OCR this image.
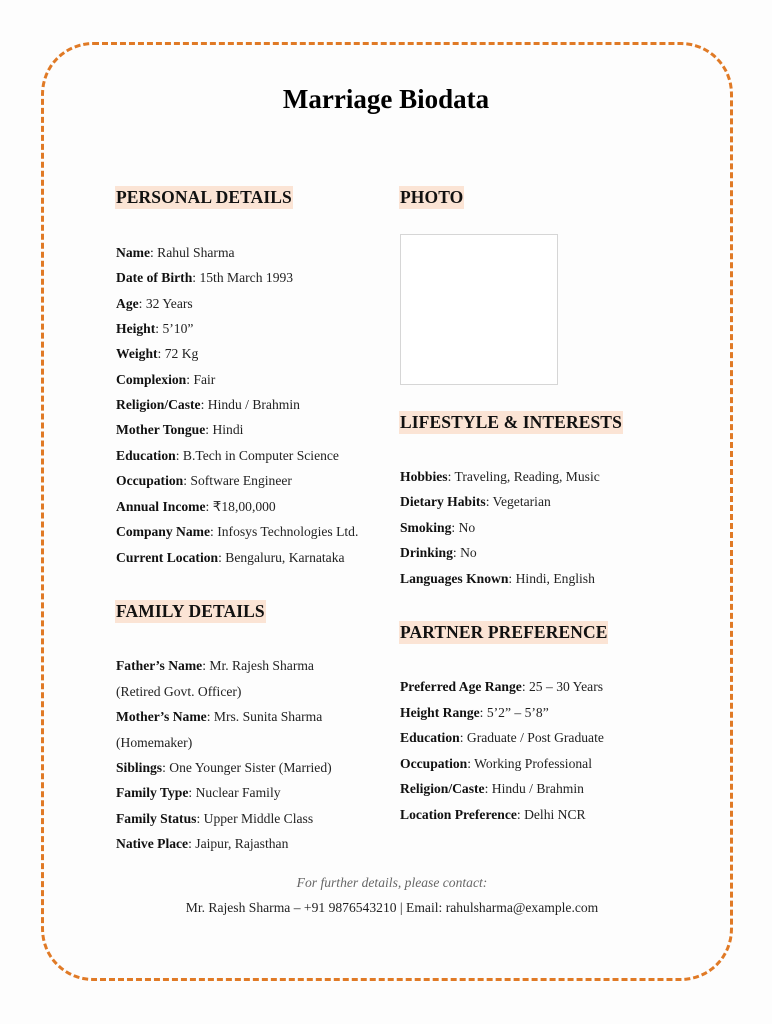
Marriage Biodata
PERSONAL DETAILS
Name: Rahul Sharma
Date of Birth: 15th March 1993
Age: 32 Years
Height: 5’10”
Weight: 72 Kg
Complexion: Fair
Religion/Caste: Hindu / Brahmin
Mother Tongue: Hindi
Education: B.Tech in Computer Science
Occupation: Software Engineer
Annual Income: ₹18,00,000
Company Name: Infosys Technologies Ltd.
Current Location: Bengaluru, Karnataka
FAMILY DETAILS
Father’s Name: Mr. Rajesh Sharma
(Retired Govt. Officer)
Mother’s Name: Mrs. Sunita Sharma
(Homemaker)
Siblings: One Younger Sister (Married)
Family Type: Nuclear Family
Family Status: Upper Middle Class
Native Place: Jaipur, Rajasthan
PHOTO
LIFESTYLE & INTERESTS
Hobbies: Traveling, Reading, Music
Dietary Habits: Vegetarian
Smoking: No
Drinking: No
Languages Known: Hindi, English
PARTNER PREFERENCE
Preferred Age Range: 25 – 30 Years
Height Range: 5’2” – 5’8”
Education: Graduate / Post Graduate
Occupation: Working Professional
Religion/Caste: Hindu / Brahmin
Location Preference: Delhi NCR
For further details, please contact:
Mr. Rajesh Sharma – +91 9876543210 | Email: rahulsharma@example.com
